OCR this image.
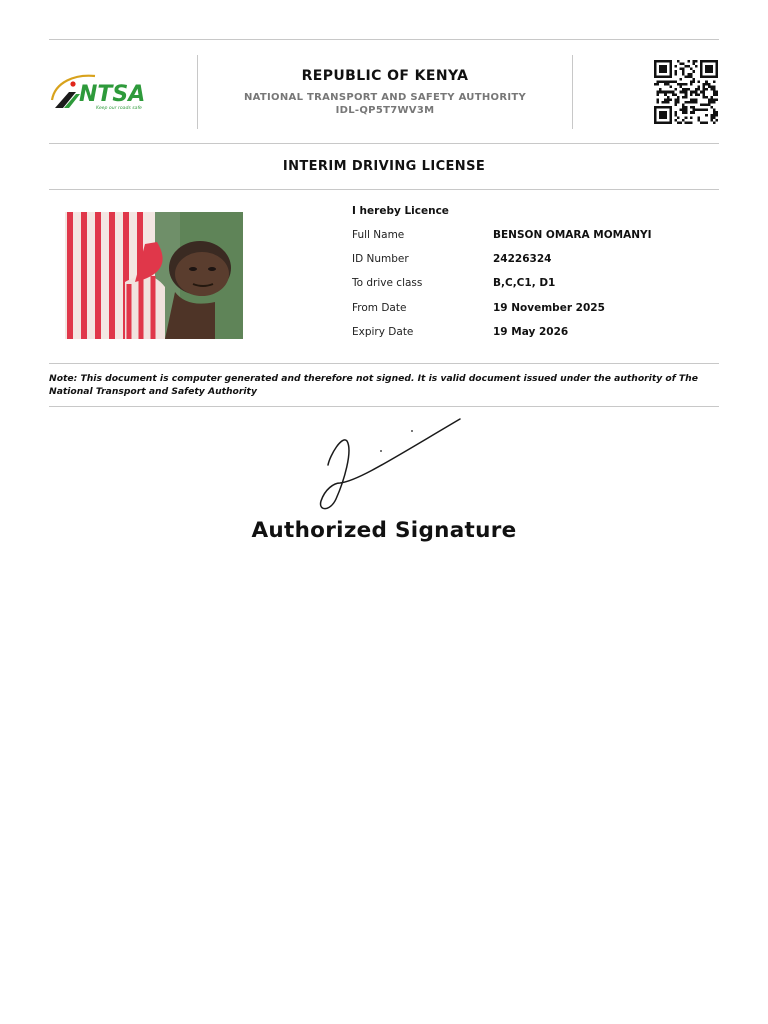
NTSA
Keep our roads safe
REPUBLIC OF KENYA
NATIONAL TRANSPORT AND SAFETY AUTHORITY
IDL-QP5T7WV3M
INTERIM DRIVING LICENSE
I hereby Licence
Full Name	BENSON OMARA MOMANYI
ID Number	24226324
To drive class	B,C,C1, D1
From Date	19 November 2025
Expiry Date	19 May 2026
Note: This document is computer generated and therefore not signed. It is valid document issued under the authority of The National Transport and Safety Authority
Authorized Signature
